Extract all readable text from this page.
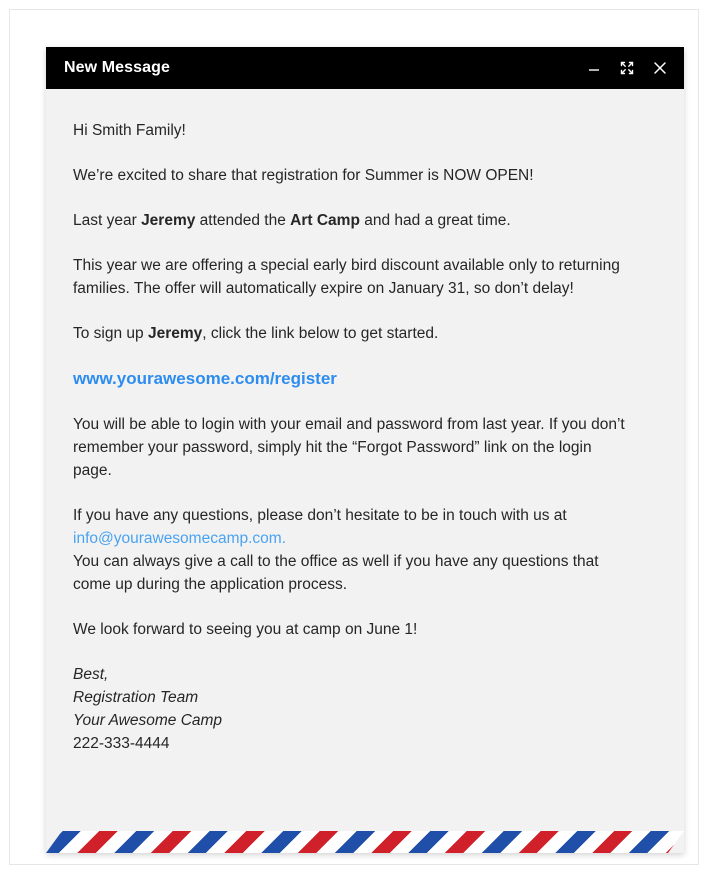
New Message

Hi Smith Family!

We’re excited to share that registration for Summer is NOW OPEN!

Last year Jeremy attended the Art Camp and had a great time.

This year we are offering a special early bird discount available only to returning families. The offer will automatically expire on January 31, so don’t delay!

To sign up Jeremy, click the link below to get started.

www.yourawesome.com/register

You will be able to login with your email and password from last year. If you don’t remember your password, simply hit the “Forgot Password” link on the login page.

If you have any questions, please don’t hesitate to be in touch with us at info@yourawesomecamp.com.

You can always give a call to the office as well if you have any questions that come up during the application process.

We look forward to seeing you at camp on June 1!

Best,
Registration Team
Your Awesome Camp
222-333-4444
